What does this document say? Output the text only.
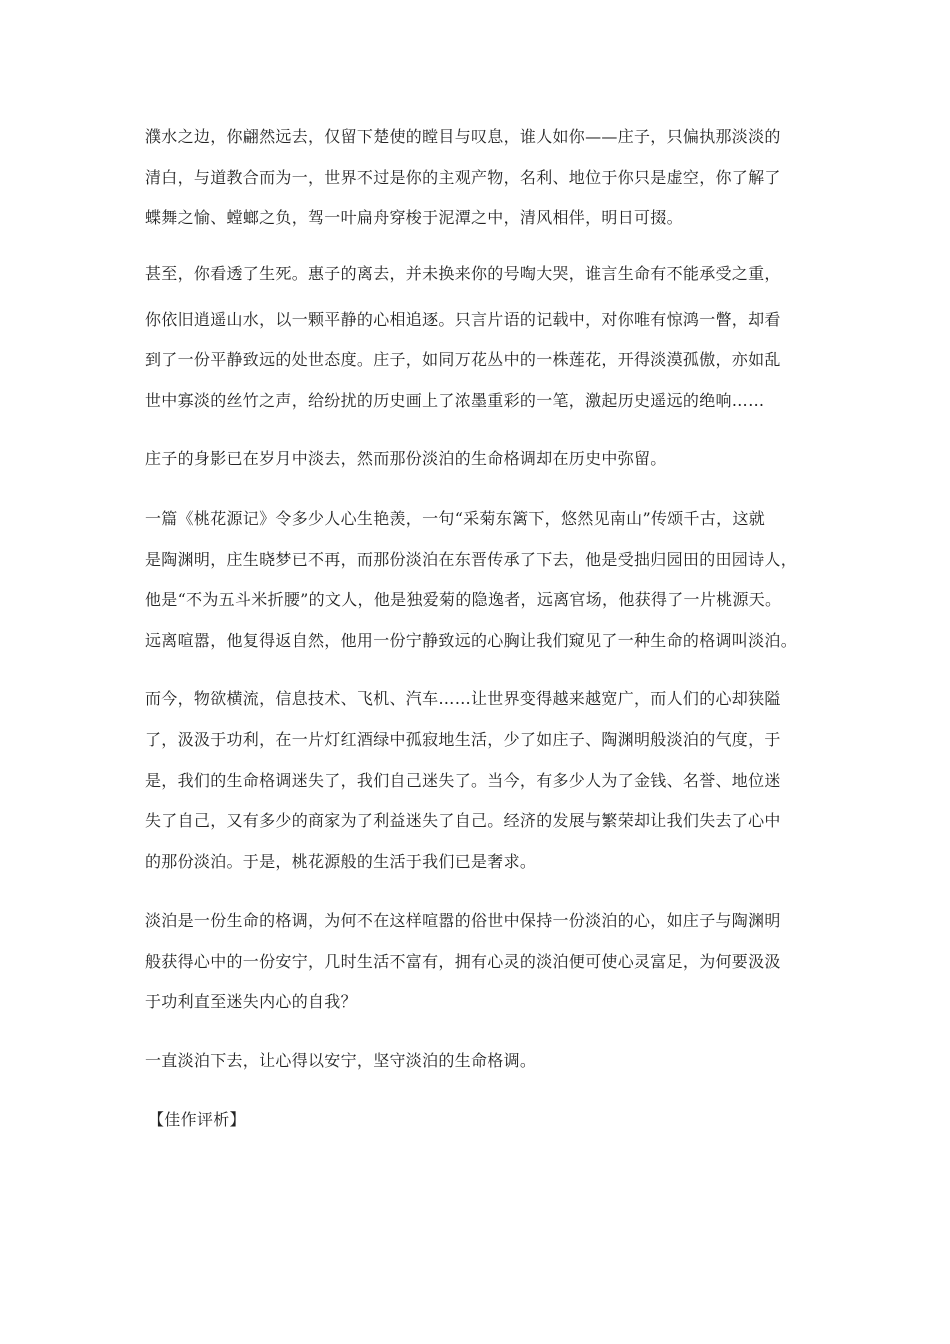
濮水之边，你翩然远去，仅留下楚使的瞠目与叹息，谁人如你——庄子，只偏执那淡淡的
清白，与道教合而为一，世界不过是你的主观产物，名利、地位于你只是虚空，你了解了
蝶舞之愉、螳螂之负，驾一叶扁舟穿梭于泥潭之中，清风相伴，明日可掇。
甚至，你看透了生死。惠子的离去，并未换来你的号啕大哭，谁言生命有不能承受之重，
你依旧逍遥山水，以一颗平静的心相追逐。只言片语的记载中，对你唯有惊鸿一瞥，却看
到了一份平静致远的处世态度。庄子，如同万花丛中的一株莲花，开得淡漠孤傲，亦如乱
世中寡淡的丝竹之声，给纷扰的历史画上了浓墨重彩的一笔，激起历史遥远的绝响……
庄子的身影已在岁月中淡去，然而那份淡泊的生命格调却在历史中弥留。
一篇《桃花源记》令多少人心生艳羡，一句“采菊东篱下，悠然见南山”传颂千古，这就
是陶渊明，庄生晓梦已不再，而那份淡泊在东晋传承了下去，他是受拙归园田的田园诗人，
他是“不为五斗米折腰”的文人，他是独爱菊的隐逸者，远离官场，他获得了一片桃源天。
远离喧嚣，他复得返自然，他用一份宁静致远的心胸让我们窥见了一种生命的格调叫淡泊。
而今，物欲横流，信息技术、飞机、汽车……让世界变得越来越宽广，而人们的心却狭隘
了，汲汲于功利，在一片灯红酒绿中孤寂地生活，少了如庄子、陶渊明般淡泊的气度，于
是，我们的生命格调迷失了，我们自己迷失了。当今，有多少人为了金钱、名誉、地位迷
失了自己，又有多少的商家为了利益迷失了自己。经济的发展与繁荣却让我们失去了心中
的那份淡泊。于是，桃花源般的生活于我们已是奢求。
淡泊是一份生命的格调，为何不在这样喧嚣的俗世中保持一份淡泊的心，如庄子与陶渊明
般获得心中的一份安宁，几时生活不富有，拥有心灵的淡泊便可使心灵富足，为何要汲汲
于功利直至迷失内心的自我？
一直淡泊下去，让心得以安宁，坚守淡泊的生命格调。
【佳作评析】
